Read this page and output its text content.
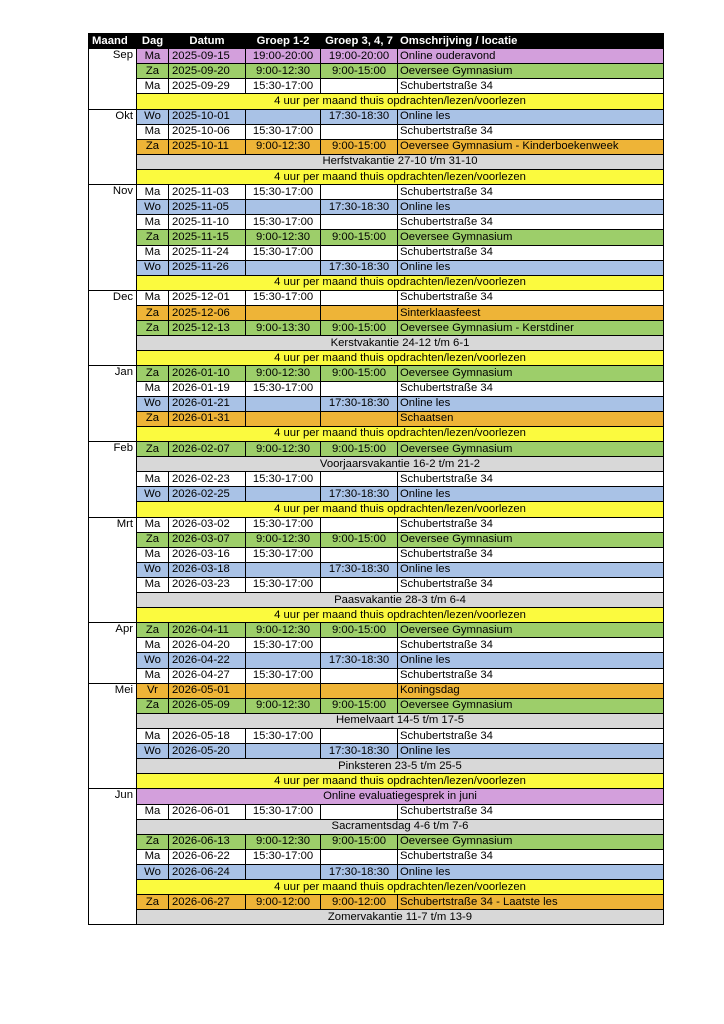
Maand	Dag	Datum	Groep 1-2	Groep 3, 4, 7	Omschrijving / locatie
Sep	Ma	2025-09-15	19:00-20:00	19:00-20:00	Online ouderavond
	Za	2025-09-20	9:00-12:30	9:00-15:00	Oeversee Gymnasium
	Ma	2025-09-29	15:30-17:00		Schubertstraße 34
	4 uur per maand thuis opdrachten/lezen/voorlezen				
Okt	Wo	2025-10-01		17:30-18:30	Online les
	Ma	2025-10-06	15:30-17:00		Schubertstraße 34
	Za	2025-10-11	9:00-12:30	9:00-15:00	Oeversee Gymnasium - Kinderboekenweek
	Herfstvakantie 27-10 t/m 31-10				
	4 uur per maand thuis opdrachten/lezen/voorlezen				
Nov	Ma	2025-11-03	15:30-17:00		Schubertstraße 34
	Wo	2025-11-05		17:30-18:30	Online les
	Ma	2025-11-10	15:30-17:00		Schubertstraße 34
	Za	2025-11-15	9:00-12:30	9:00-15:00	Oeversee Gymnasium
	Ma	2025-11-24	15:30-17:00		Schubertstraße 34
	Wo	2025-11-26		17:30-18:30	Online les
	4 uur per maand thuis opdrachten/lezen/voorlezen				
Dec	Ma	2025-12-01	15:30-17:00		Schubertstraße 34
	Za	2025-12-06			Sinterklaasfeest
	Za	2025-12-13	9:00-13:30	9:00-15:00	Oeversee Gymnasium - Kerstdiner
	Kerstvakantie 24-12 t/m 6-1				
	4 uur per maand thuis opdrachten/lezen/voorlezen				
Jan	Za	2026-01-10	9:00-12:30	9:00-15:00	Oeversee Gymnasium
	Ma	2026-01-19	15:30-17:00		Schubertstraße 34
	Wo	2026-01-21		17:30-18:30	Online les
	Za	2026-01-31			Schaatsen
	4 uur per maand thuis opdrachten/lezen/voorlezen				
Feb	Za	2026-02-07	9:00-12:30	9:00-15:00	Oeversee Gymnasium
	Voorjaarsvakantie 16-2 t/m 21-2				
	Ma	2026-02-23	15:30-17:00		Schubertstraße 34
	Wo	2026-02-25		17:30-18:30	Online les
	4 uur per maand thuis opdrachten/lezen/voorlezen				
Mrt	Ma	2026-03-02	15:30-17:00		Schubertstraße 34
	Za	2026-03-07	9:00-12:30	9:00-15:00	Oeversee Gymnasium
	Ma	2026-03-16	15:30-17:00		Schubertstraße 34
	Wo	2026-03-18		17:30-18:30	Online les
	Ma	2026-03-23	15:30-17:00		Schubertstraße 34
	Paasvakantie 28-3 t/m 6-4				
	4 uur per maand thuis opdrachten/lezen/voorlezen				
Apr	Za	2026-04-11	9:00-12:30	9:00-15:00	Oeversee Gymnasium
	Ma	2026-04-20	15:30-17:00		Schubertstraße 34
	Wo	2026-04-22		17:30-18:30	Online les
	Ma	2026-04-27	15:30-17:00		Schubertstraße 34
Mei	Vr	2026-05-01			Koningsdag
	Za	2026-05-09	9:00-12:30	9:00-15:00	Oeversee Gymnasium
	Hemelvaart 14-5 t/m 17-5				
	Ma	2026-05-18	15:30-17:00		Schubertstraße 34
	Wo	2026-05-20		17:30-18:30	Online les
	Pinksteren 23-5 t/m 25-5				
	4 uur per maand thuis opdrachten/lezen/voorlezen				
Jun	Online evaluatiegesprek in juni				
	Ma	2026-06-01	15:30-17:00		Schubertstraße 34
	Sacramentsdag 4-6 t/m 7-6				
	Za	2026-06-13	9:00-12:30	9:00-15:00	Oeversee Gymnasium
	Ma	2026-06-22	15:30-17:00		Schubertstraße 34
	Wo	2026-06-24		17:30-18:30	Online les
	4 uur per maand thuis opdrachten/lezen/voorlezen				
	Za	2026-06-27	9:00-12:00	9:00-12:00	Schubertstraße 34 - Laatste les
	Zomervakantie 11-7 t/m 13-9				
